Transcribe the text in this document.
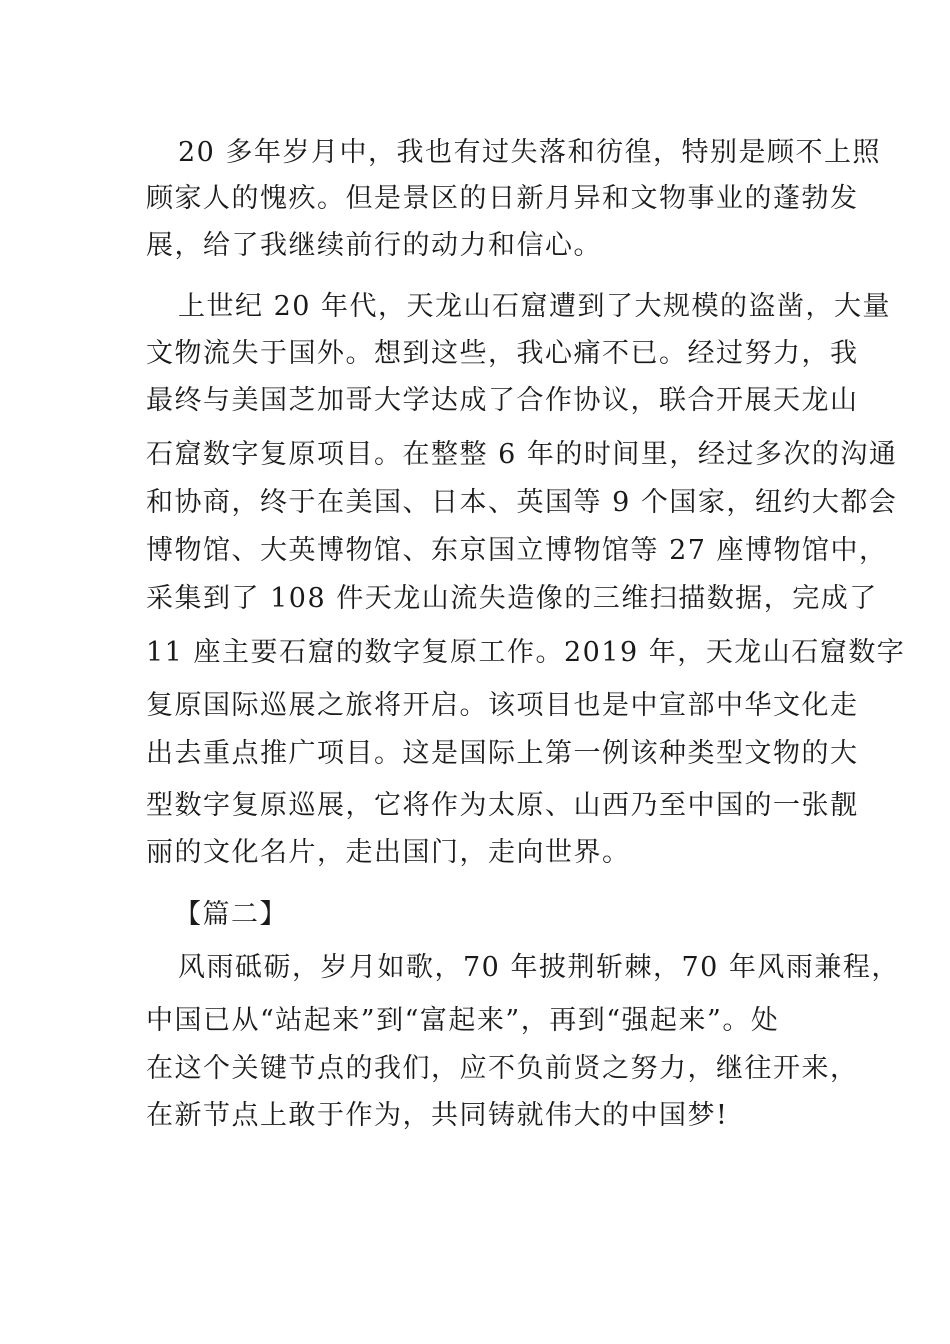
20 多年岁月中，我也有过失落和彷徨，特别是顾不上照
顾家人的愧疚。但是景区的日新月异和文物事业的蓬勃发
展，给了我继续前行的动力和信心。
上世纪 20 年代，天龙山石窟遭到了大规模的盗凿，大量
文物流失于国外。想到这些，我心痛不已。经过努力，我
最终与美国芝加哥大学达成了合作协议，联合开展天龙山
石窟数字复原项目。在整整 6 年的时间里，经过多次的沟通
和协商，终于在美国、日本、英国等 9 个国家，纽约大都会
博物馆、大英博物馆、东京国立博物馆等 27 座博物馆中，
采集到了 108 件天龙山流失造像的三维扫描数据，完成了
11 座主要石窟的数字复原工作。2019 年，天龙山石窟数字
复原国际巡展之旅将开启。该项目也是中宣部中华文化走
出去重点推广项目。这是国际上第一例该种类型文物的大
型数字复原巡展，它将作为太原、山西乃至中国的一张靓
丽的文化名片，走出国门，走向世界。
【篇二】
风雨砥砺，岁月如歌，70 年披荆斩棘，70 年风雨兼程，
中国已从“站起来”到“富起来”，再到“强起来”。处
在这个关键节点的我们，应不负前贤之努力，继往开来，
在新节点上敢于作为，共同铸就伟大的中国梦!
